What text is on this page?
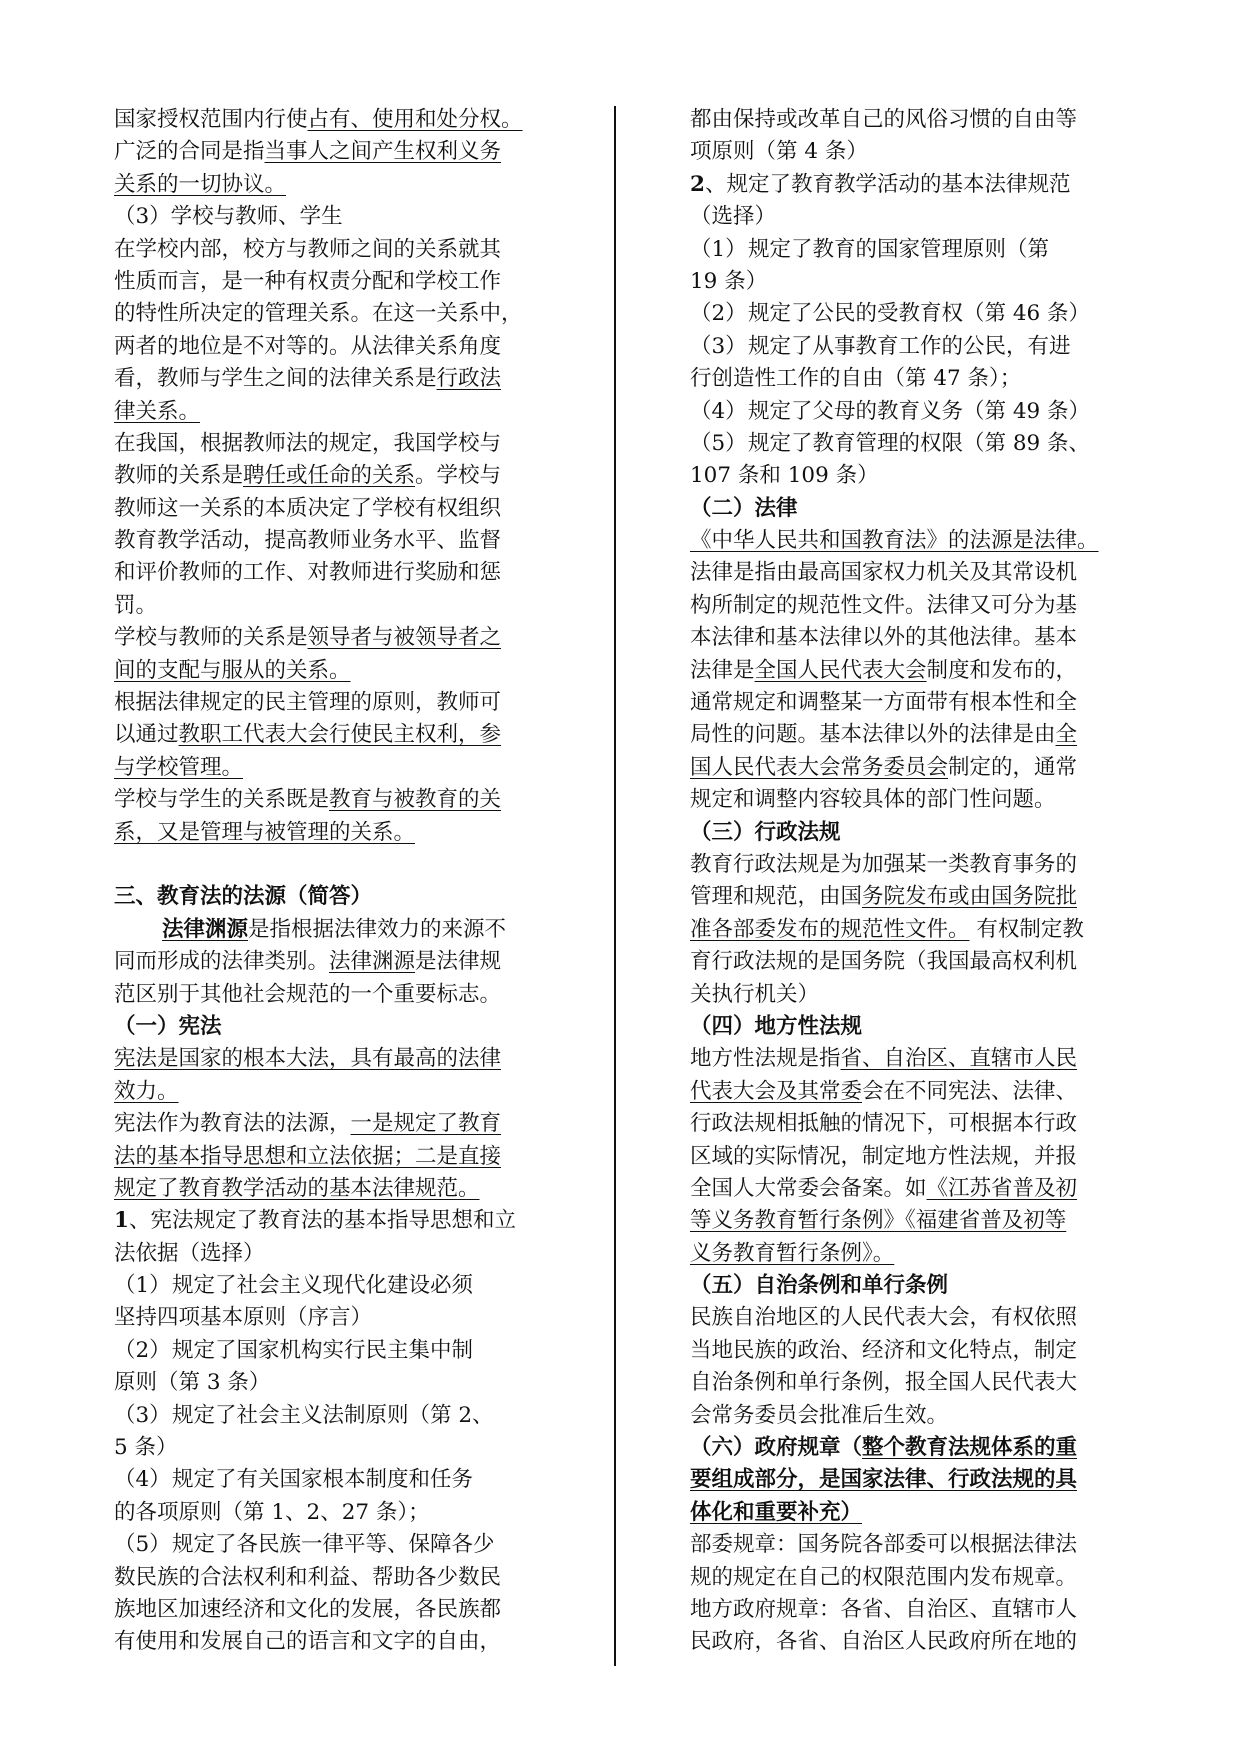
国家授权范围内行使占有、使用和处分权。
广泛的合同是指当事人之间产生权利义务
关系的一切协议。
（3）学校与教师、学生
在学校内部，校方与教师之间的关系就其
性质而言，是一种有权责分配和学校工作
的特性所决定的管理关系。在这一关系中，
两者的地位是不对等的。从法律关系角度
看，教师与学生之间的法律关系是行政法
律关系。
在我国，根据教师法的规定，我国学校与
教师的关系是聘任或任命的关系。学校与
教师这一关系的本质决定了学校有权组织
教育教学活动，提高教师业务水平、监督
和评价教师的工作、对教师进行奖励和惩
罚。
学校与教师的关系是领导者与被领导者之
间的支配与服从的关系。
根据法律规定的民主管理的原则，教师可
以通过教职工代表大会行使民主权利，参
与学校管理。
学校与学生的关系既是教育与被教育的关
系，又是管理与被管理的关系。
三、教育法的法源（简答）
法律渊源是指根据法律效力的来源不
同而形成的法律类别。法律渊源是法律规
范区别于其他社会规范的一个重要标志。
（一）宪法
宪法是国家的根本大法，具有最高的法律
效力。
宪法作为教育法的法源，一是规定了教育
法的基本指导思想和立法依据；二是直接
规定了教育教学活动的基本法律规范。
1、宪法规定了教育法的基本指导思想和立
法依据（选择）
（1）规定了社会主义现代化建设必须
坚持四项基本原则（序言）
（2）规定了国家机构实行民主集中制
原则（第 3 条）
（3）规定了社会主义法制原则（第 2、
5 条）
（4）规定了有关国家根本制度和任务
的各项原则（第 1、2、27 条）；
（5）规定了各民族一律平等、保障各少
数民族的合法权利和利益、帮助各少数民
族地区加速经济和文化的发展，各民族都
有使用和发展自己的语言和文字的自由，
都由保持或改革自己的风俗习惯的自由等
项原则（第 4 条）
2、规定了教育教学活动的基本法律规范
（选择）
（1）规定了教育的国家管理原则（第
19 条）
（2）规定了公民的受教育权（第 46 条）
（3）规定了从事教育工作的公民，有进
行创造性工作的自由（第 47 条）；
（4）规定了父母的教育义务（第 49 条）
（5）规定了教育管理的权限（第 89 条、
107 条和 109 条）
（二）法律
《中华人民共和国教育法》的法源是法律。
法律是指由最高国家权力机关及其常设机
构所制定的规范性文件。法律又可分为基
本法律和基本法律以外的其他法律。基本
法律是全国人民代表大会制度和发布的，
通常规定和调整某一方面带有根本性和全
局性的问题。基本法律以外的法律是由全
国人民代表大会常务委员会制定的，通常
规定和调整内容较具体的部门性问题。
（三）行政法规
教育行政法规是为加强某一类教育事务的
管理和规范，由国务院发布或由国务院批
准各部委发布的规范性文件。 有权制定教
育行政法规的是国务院（我国最高权利机
关执行机关）
（四）地方性法规
地方性法规是指省、自治区、直辖市人民
代表大会及其常委会在不同宪法、法律、
行政法规相抵触的情况下，可根据本行政
区域的实际情况，制定地方性法规，并报
全国人大常委会备案。如《江苏省普及初
等义务教育暂行条例》《福建省普及初等
义务教育暂行条例》。
（五）自治条例和单行条例
民族自治地区的人民代表大会，有权依照
当地民族的政治、经济和文化特点，制定
自治条例和单行条例，报全国人民代表大
会常务委员会批准后生效。
（六）政府规章（整个教育法规体系的重
要组成部分，是国家法律、行政法规的具
体化和重要补充）
部委规章：国务院各部委可以根据法律法
规的规定在自己的权限范围内发布规章。
地方政府规章：各省、自治区、直辖市人
民政府，各省、自治区人民政府所在地的
